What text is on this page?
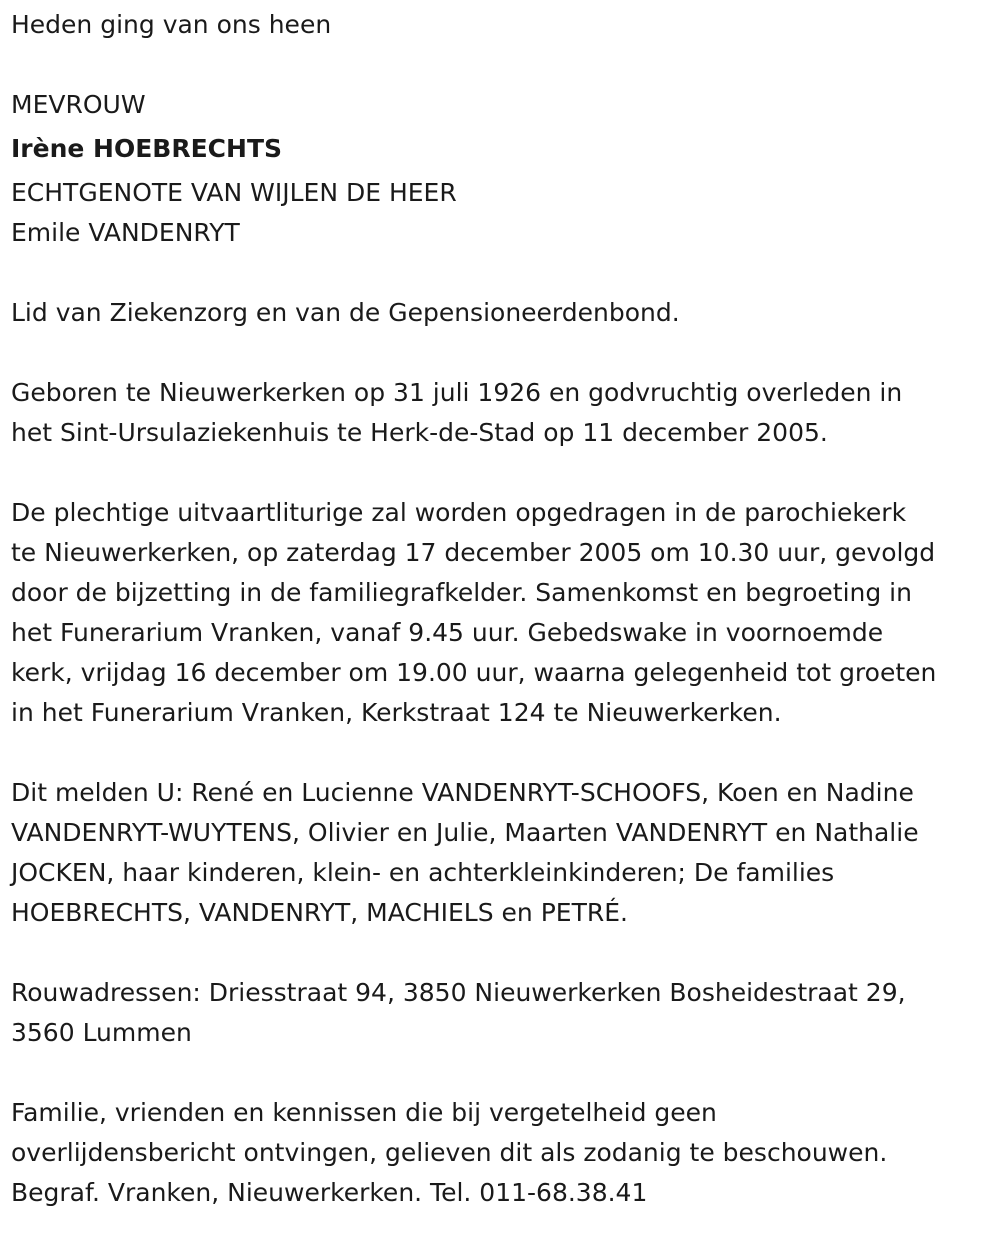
Heden ging van ons heen
MEVROUW
Irène HOEBRECHTS
ECHTGENOTE VAN WIJLEN DE HEER
Emile VANDENRYT
Lid van Ziekenzorg en van de Gepensioneerdenbond.
Geboren te Nieuwerkerken op 31 juli 1926 en godvruchtig overleden in
het Sint-Ursulaziekenhuis te Herk-de-Stad op 11 december 2005.
De plechtige uitvaartliturige zal worden opgedragen in de parochiekerk
te Nieuwerkerken, op zaterdag 17 december 2005 om 10.30 uur, gevolgd
door de bijzetting in de familiegrafkelder. Samenkomst en begroeting in
het Funerarium Vranken, vanaf 9.45 uur. Gebedswake in voornoemde
kerk, vrijdag 16 december om 19.00 uur, waarna gelegenheid tot groeten
in het Funerarium Vranken, Kerkstraat 124 te Nieuwerkerken.
Dit melden U: René en Lucienne VANDENRYT-SCHOOFS, Koen en Nadine
VANDENRYT-WUYTENS, Olivier en Julie, Maarten VANDENRYT en Nathalie
JOCKEN, haar kinderen, klein- en achterkleinkinderen; De families
HOEBRECHTS, VANDENRYT, MACHIELS en PETRÉ.
Rouwadressen: Driesstraat 94, 3850 Nieuwerkerken Bosheidestraat 29,
3560 Lummen
Familie, vrienden en kennissen die bij vergetelheid geen
overlijdensbericht ontvingen, gelieven dit als zodanig te beschouwen.
Begraf. Vranken, Nieuwerkerken. Tel. 011-68.38.41
